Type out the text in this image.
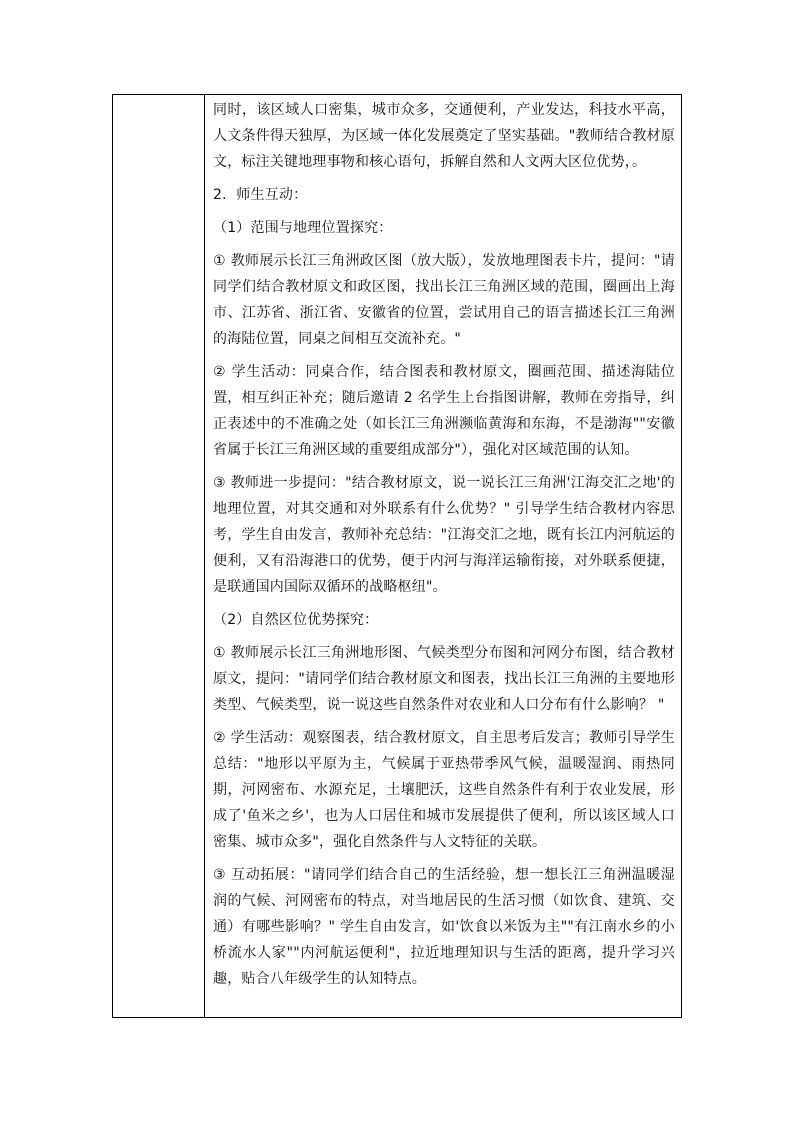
同时，该区域人口密集，城市众多，交通便利，产业发达，科技水平高，人文条件得天独厚，为区域一体化发展奠定了坚实基础。"教师结合教材原文，标注关键地理事物和核心语句，拆解自然和人文两大区位优势，。

2．师生互动：

（1）范围与地理位置探究：

① 教师展示长江三角洲政区图（放大版），发放地理图表卡片，提问："请同学们结合教材原文和政区图，找出长江三角洲区域的范围，圈画出上海市、江苏省、浙江省、安徽省的位置，尝试用自己的语言描述长江三角洲的海陆位置，同桌之间相互交流补充。"

② 学生活动：同桌合作，结合图表和教材原文，圈画范围、描述海陆位置，相互纠正补充；随后邀请 2 名学生上台指图讲解，教师在旁指导，纠正表述中的不准确之处（如长江三角洲濒临黄海和东海，不是渤海""安徽省属于长江三角洲区域的重要组成部分"），强化对区域范围的认知。

③ 教师进一步提问："结合教材原文，说一说长江三角洲'江海交汇之地'的地理位置，对其交通和对外联系有什么优势？" 引导学生结合教材内容思考，学生自由发言，教师补充总结："江海交汇之地，既有长江内河航运的便利，又有沿海港口的优势，便于内河与海洋运输衔接，对外联系便捷，是联通国内国际双循环的战略枢纽"。

（2）自然区位优势探究：

① 教师展示长江三角洲地形图、气候类型分布图和河网分布图，结合教材原文，提问："请同学们结合教材原文和图表，找出长江三角洲的主要地形类型、气候类型，说一说这些自然条件对农业和人口分布有什么影响？ "

② 学生活动：观察图表，结合教材原文，自主思考后发言；教师引导学生总结："地形以平原为主，气候属于亚热带季风气候，温暖湿润、雨热同期，河网密布、水源充足，土壤肥沃，这些自然条件有利于农业发展，形成了'鱼米之乡'，也为人口居住和城市发展提供了便利，所以该区域人口密集、城市众多"，强化自然条件与人文特征的关联。

③ 互动拓展："请同学们结合自己的生活经验，想一想长江三角洲温暖湿润的气候、河网密布的特点，对当地居民的生活习惯（如饮食、建筑、交通）有哪些影响？" 学生自由发言，如'饮食以米饭为主""有江南水乡的小桥流水人家""内河航运便利"，拉近地理知识与生活的距离，提升学习兴趣，贴合八年级学生的认知特点。
